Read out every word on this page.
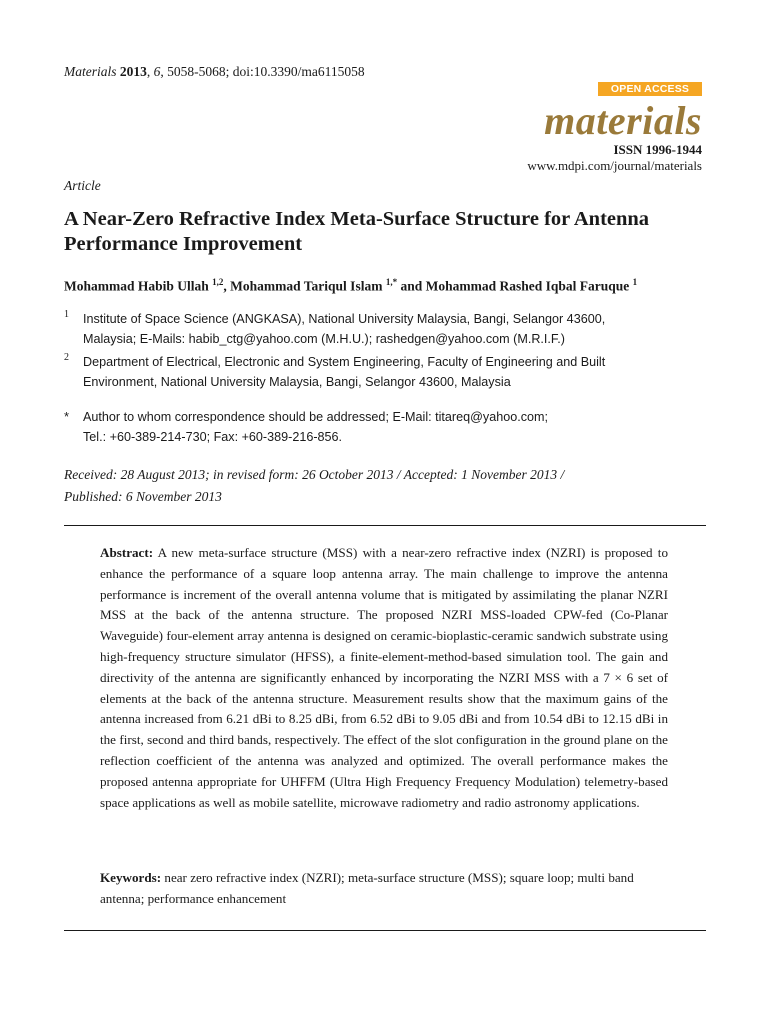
Materials 2013, 6, 5058-5068; doi:10.3390/ma6115058
OPEN ACCESS
materials
ISSN 1996-1944
www.mdpi.com/journal/materials
Article
A Near-Zero Refractive Index Meta-Surface Structure for Antenna Performance Improvement
Mohammad Habib Ullah $^{1,2}$, Mohammad Tariqul Islam $^{1,*}$ and Mohammad Rashed Iqbal Faruque $^1$
1 Institute of Space Science (ANGKASA), National University Malaysia, Bangi, Selangor 43600,
Malaysia; E-Mails: habib_ctg@yahoo.com (M.H.U.); rashedgen@yahoo.com (M.R.I.F.)
2 Department of Electrical, Electronic and System Engineering, Faculty of Engineering and Built
Environment, National University Malaysia, Bangi, Selangor 43600, Malaysia
* Author to whom correspondence should be addressed; E-Mail: titareq@yahoo.com;
Tel.: +60-389-214-730; Fax: +60-389-216-856.
Received: 28 August 2013; in revised form: 26 October 2013 / Accepted: 1 November 2013 /
Published: 6 November 2013
Abstract: A new meta-surface structure (MSS) with a near-zero refractive index (NZRI) is proposed to enhance the performance of a square loop antenna array. The main challenge to improve the antenna performance is increment of the overall antenna volume that is mitigated by assimilating the planar NZRI MSS at the back of the antenna structure. The proposed NZRI MSS-loaded CPW-fed (Co-Planar Waveguide) four-element array antenna is designed on ceramic-bioplastic-ceramic sandwich substrate using high-frequency structure simulator (HFSS), a finite-element-method-based simulation tool. The gain and directivity of the antenna are significantly enhanced by incorporating the NZRI MSS with a 7 × 6 set of elements at the back of the antenna structure. Measurement results show that the maximum gains of the antenna increased from 6.21 dBi to 8.25 dBi, from 6.52 dBi to 9.05 dBi and from 10.54 dBi to 12.15 dBi in the first, second and third bands, respectively. The effect of the slot configuration in the ground plane on the reflection coefficient of the antenna was analyzed and optimized. The overall performance makes the proposed antenna appropriate for UHFFM (Ultra High Frequency Frequency Modulation) telemetry-based space applications as well as mobile satellite, microwave radiometry and radio astronomy applications.
Keywords: near zero refractive index (NZRI); meta-surface structure (MSS); square loop; multi band antenna; performance enhancement
